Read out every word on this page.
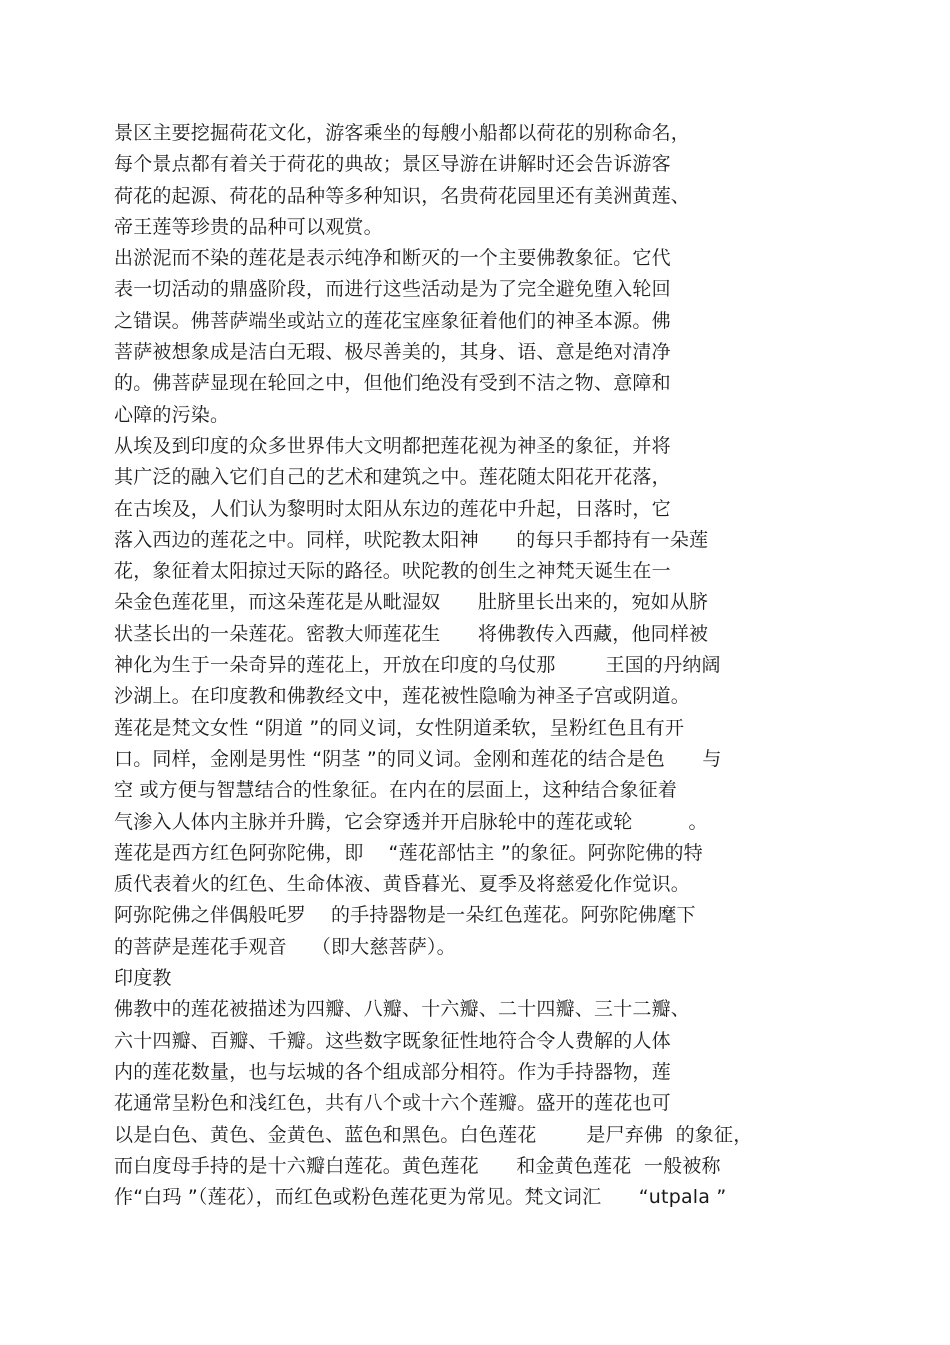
景区主要挖掘荷花文化，游客乘坐的每艘小船都以荷花的别称命名，
每个景点都有着关于荷花的典故；景区导游在讲解时还会告诉游客
荷花的起源、荷花的品种等多种知识，名贵荷花园里还有美洲黄莲、
帝王莲等珍贵的品种可以观赏。
出淤泥而不染的莲花是表示纯净和断灭的一个主要佛教象征。它代
表一切活动的鼎盛阶段，而进行这些活动是为了完全避免堕入轮回
之错误。佛菩萨端坐或站立的莲花宝座象征着他们的神圣本源。佛
菩萨被想象成是洁白无瑕、极尽善美的，其身、语、意是绝对清净
的。佛菩萨显现在轮回之中，但他们绝没有受到不洁之物、意障和
心障的污染。
从埃及到印度的众多世界伟大文明都把莲花视为神圣的象征，并将
其广泛的融入它们自己的艺术和建筑之中。莲花随太阳花开花落，
在古埃及，人们认为黎明时太阳从东边的莲花中升起，日落时，它
落入西边的莲花之中。同样，吠陀教太阳神      的每只手都持有一朵莲
花，象征着太阳掠过天际的路径。吠陀教的创生之神梵天诞生在一
朵金色莲花里，而这朵莲花是从毗湿奴      肚脐里长出来的，宛如从脐
状茎长出的一朵莲花。密教大师莲花生      将佛教传入西藏，他同样被
神化为生于一朵奇异的莲花上，开放在印度的乌仗那        王国的丹纳阔
沙湖上。在印度教和佛教经文中，莲花被性隐喻为神圣子宫或阴道。
莲花是梵文女性 “阴道 ”的同义词，女性阴道柔软，呈粉红色且有开
口。同样，金刚是男性 “阴茎 ”的同义词。金刚和莲花的结合是色      与
空 或方便与智慧结合的性象征。在内在的层面上，这种结合象征着
气渗入人体内主脉并升腾，它会穿透并开启脉轮中的莲花或轮         。
莲花是西方红色阿弥陀佛，即    “莲花部怙主 ”的象征。阿弥陀佛的特
质代表着火的红色、生命体液、黄昏暮光、夏季及将慈爱化作觉识。
阿弥陀佛之伴偶般吒罗    的手持器物是一朵红色莲花。阿弥陀佛麾下
的菩萨是莲花手观音    （即大慈菩萨）。
印度教
佛教中的莲花被描述为四瓣、八瓣、十六瓣、二十四瓣、三十二瓣、
六十四瓣、百瓣、千瓣。这些数字既象征性地符合令人费解的人体
内的莲花数量，也与坛城的各个组成部分相符。作为手持器物，莲
花通常呈粉色和浅红色，共有八个或十六个莲瓣。盛开的莲花也可
以是白色、黄色、金黄色、蓝色和黑色。白色莲花        是尸弃佛  的象征，
而白度母手持的是十六瓣白莲花。黄色莲花      和金黄色莲花  一般被称
作“白玛 ”（莲花），而红色或粉色莲花更为常见。梵文词汇      “utpala ”
